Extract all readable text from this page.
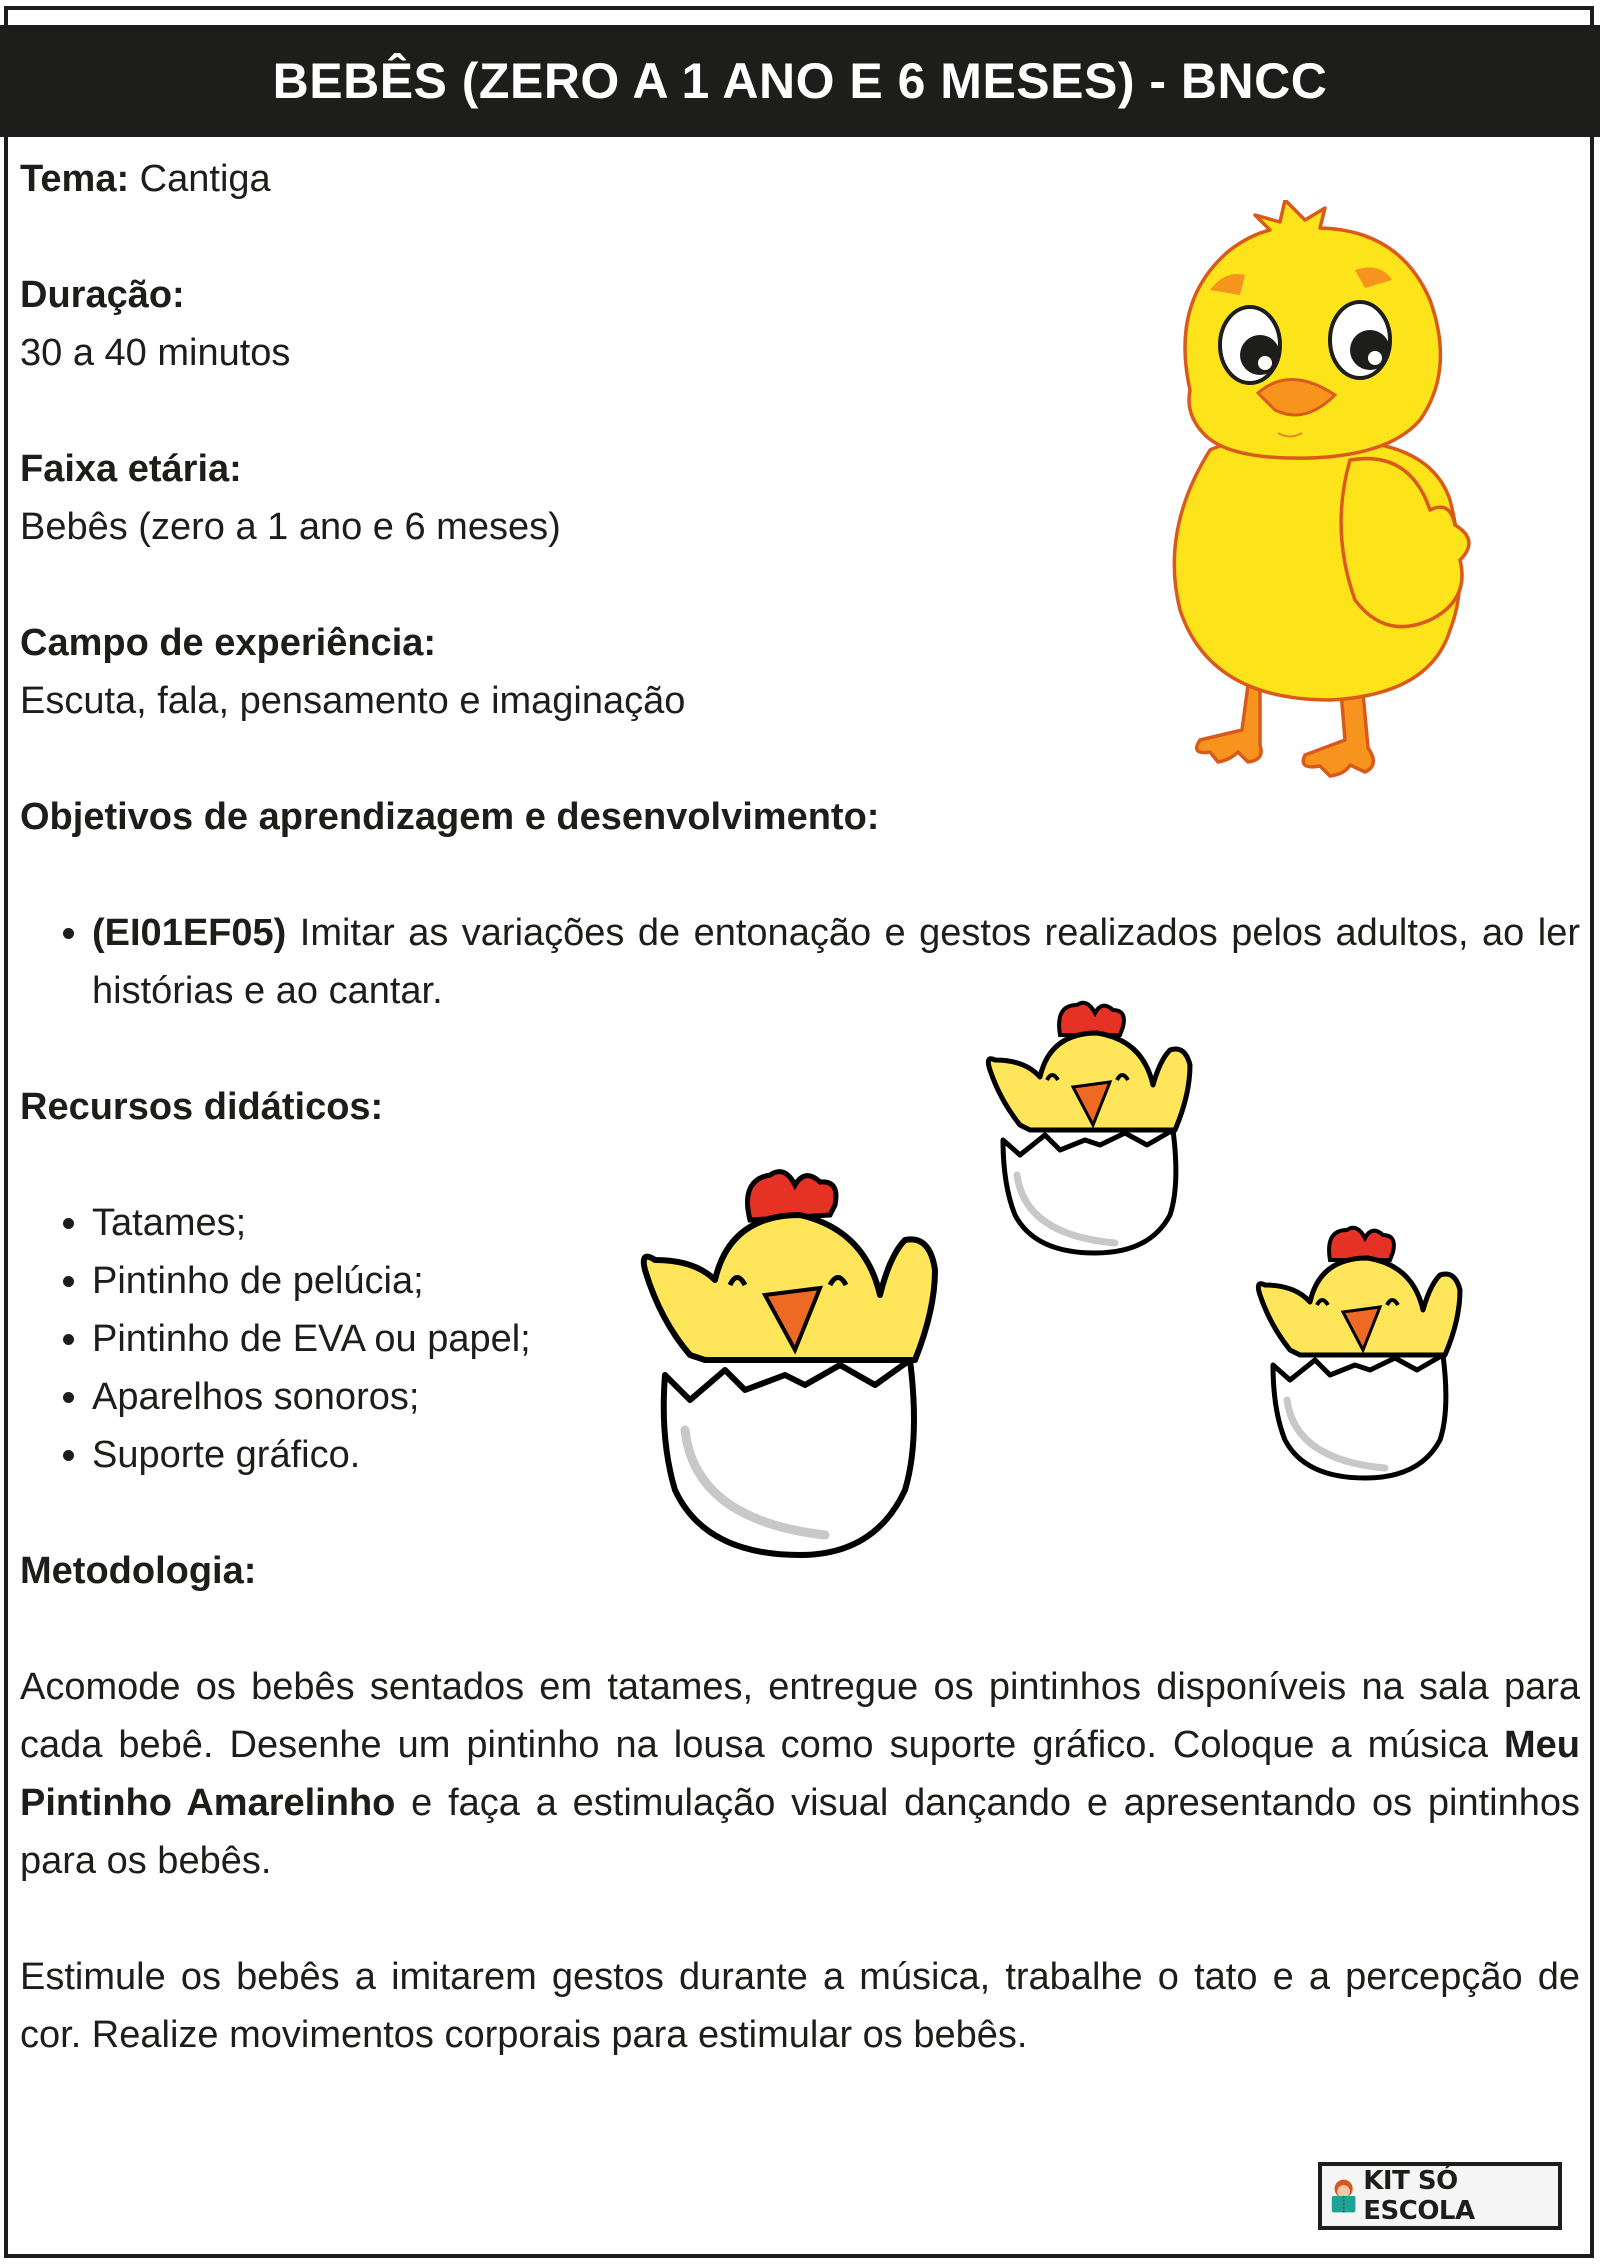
BEBÊS (ZERO A 1 ANO E 6 MESES) - BNCC

Tema: Cantiga

Duração:

30 a 40 minutos

Faixa etária:

Bebês (zero a 1 ano e 6 meses)

Campo de experiência:

Escuta, fala, pensamento e imaginação

Objetivos de aprendizagem e desenvolvimento:

• (EI01EF05) Imitar as variações de entonação e gestos realizados pelos adultos, ao ler histórias e ao cantar.

Recursos didáticos:

• Tatames;
• Pintinho de pelúcia;
• Pintinho de EVA ou papel;
• Aparelhos sonoros;
• Suporte gráfico.

Metodologia:

Acomode os bebês sentados em tatames, entregue os pintinhos disponíveis na sala para cada bebê. Desenhe um pintinho na lousa como suporte gráfico. Coloque a música Meu Pintinho Amarelinho e faça a estimulação visual dançando e apresentando os pintinhos para os bebês.

Estimule os bebês a imitarem gestos durante a música, trabalhe o tato e a percepção de cor. Realize movimentos corporais para estimular os bebês.

KIT SÓ ESCOLA
